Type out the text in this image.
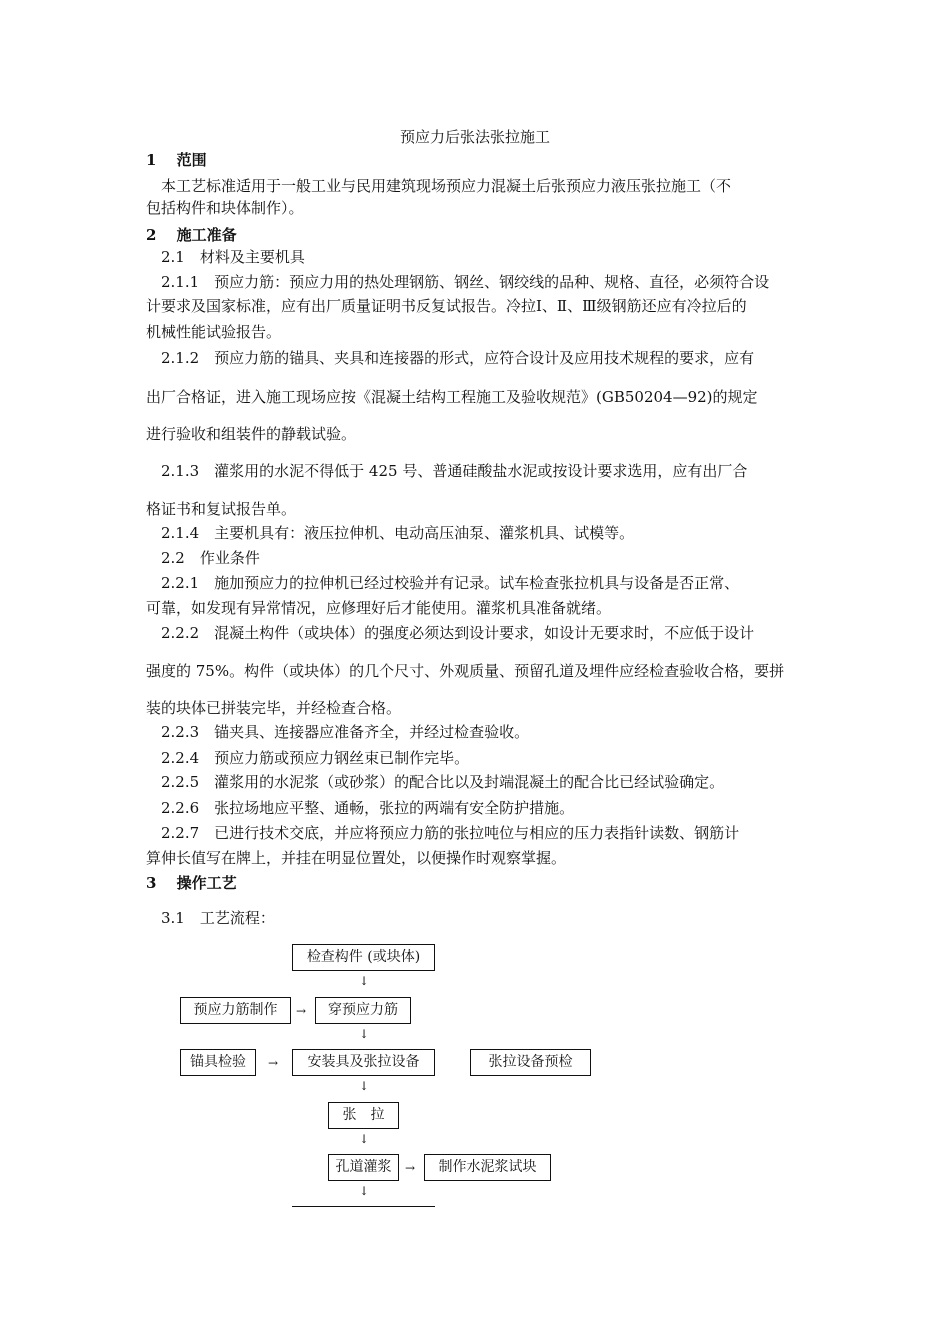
预应力后张法张拉施工
1　 范围
　本工艺标准适用于一般工业与民用建筑现场预应力混凝土后张预应力液压张拉施工（不
包括构件和块体制作）。
2　 施工准备
　2.1　材料及主要机具
　2.1.1　预应力筋：预应力用的热处理钢筋、钢丝、钢绞线的品种、规格、直径，必须符合设
计要求及国家标准，应有出厂质量证明书反复试报告。冷拉Ⅰ、Ⅱ、Ⅲ级钢筋还应有冷拉后的
机械性能试验报告。
　2.1.2　预应力筋的锚具、夹具和连接器的形式，应符合设计及应用技术规程的要求，应有
出厂合格证，进入施工现场应按《混凝土结构工程施工及验收规范》(GB50204—92)的规定
进行验收和组装件的静载试验。
　2.1.3　灌浆用的水泥不得低于 425 号、普通硅酸盐水泥或按设计要求选用，应有出厂合
格证书和复试报告单。
　2.1.4　主要机具有：液压拉伸机、电动高压油泵、灌浆机具、试模等。
　2.2　作业条件
　2.2.1　施加预应力的拉伸机已经过校验并有记录。试车检查张拉机具与设备是否正常、
可靠，如发现有异常情况，应修理好后才能使用。灌浆机具准备就绪。
　2.2.2　混凝土构件（或块体）的强度必须达到设计要求，如设计无要求时，不应低于设计
强度的 75%。构件（或块体）的几个尺寸、外观质量、预留孔道及埋件应经检查验收合格，要拼
装的块体已拼装完毕，并经检查合格。
　2.2.3　锚夹具、连接器应准备齐全，并经过检查验收。
　2.2.4　预应力筋或预应力钢丝束已制作完毕。
　2.2.5　灌浆用的水泥浆（或砂浆）的配合比以及封端混凝土的配合比已经试验确定。
　2.2.6　张拉场地应平整、通畅，张拉的两端有安全防护措施。
　2.2.7　已进行技术交底，并应将预应力筋的张拉吨位与相应的压力表指针读数、钢筋计
算伸长值写在牌上，并挂在明显位置处，以便操作时观察掌握。
3　 操作工艺
　3.1　工艺流程：
检查构件 (或块体)
↓
预应力筋制作	→	穿预应力筋
↓
锚具检验	→	安装具及张拉设备	张拉设备预检
↓
张　拉
↓
孔道灌浆	→	制作水泥浆试块
↓
